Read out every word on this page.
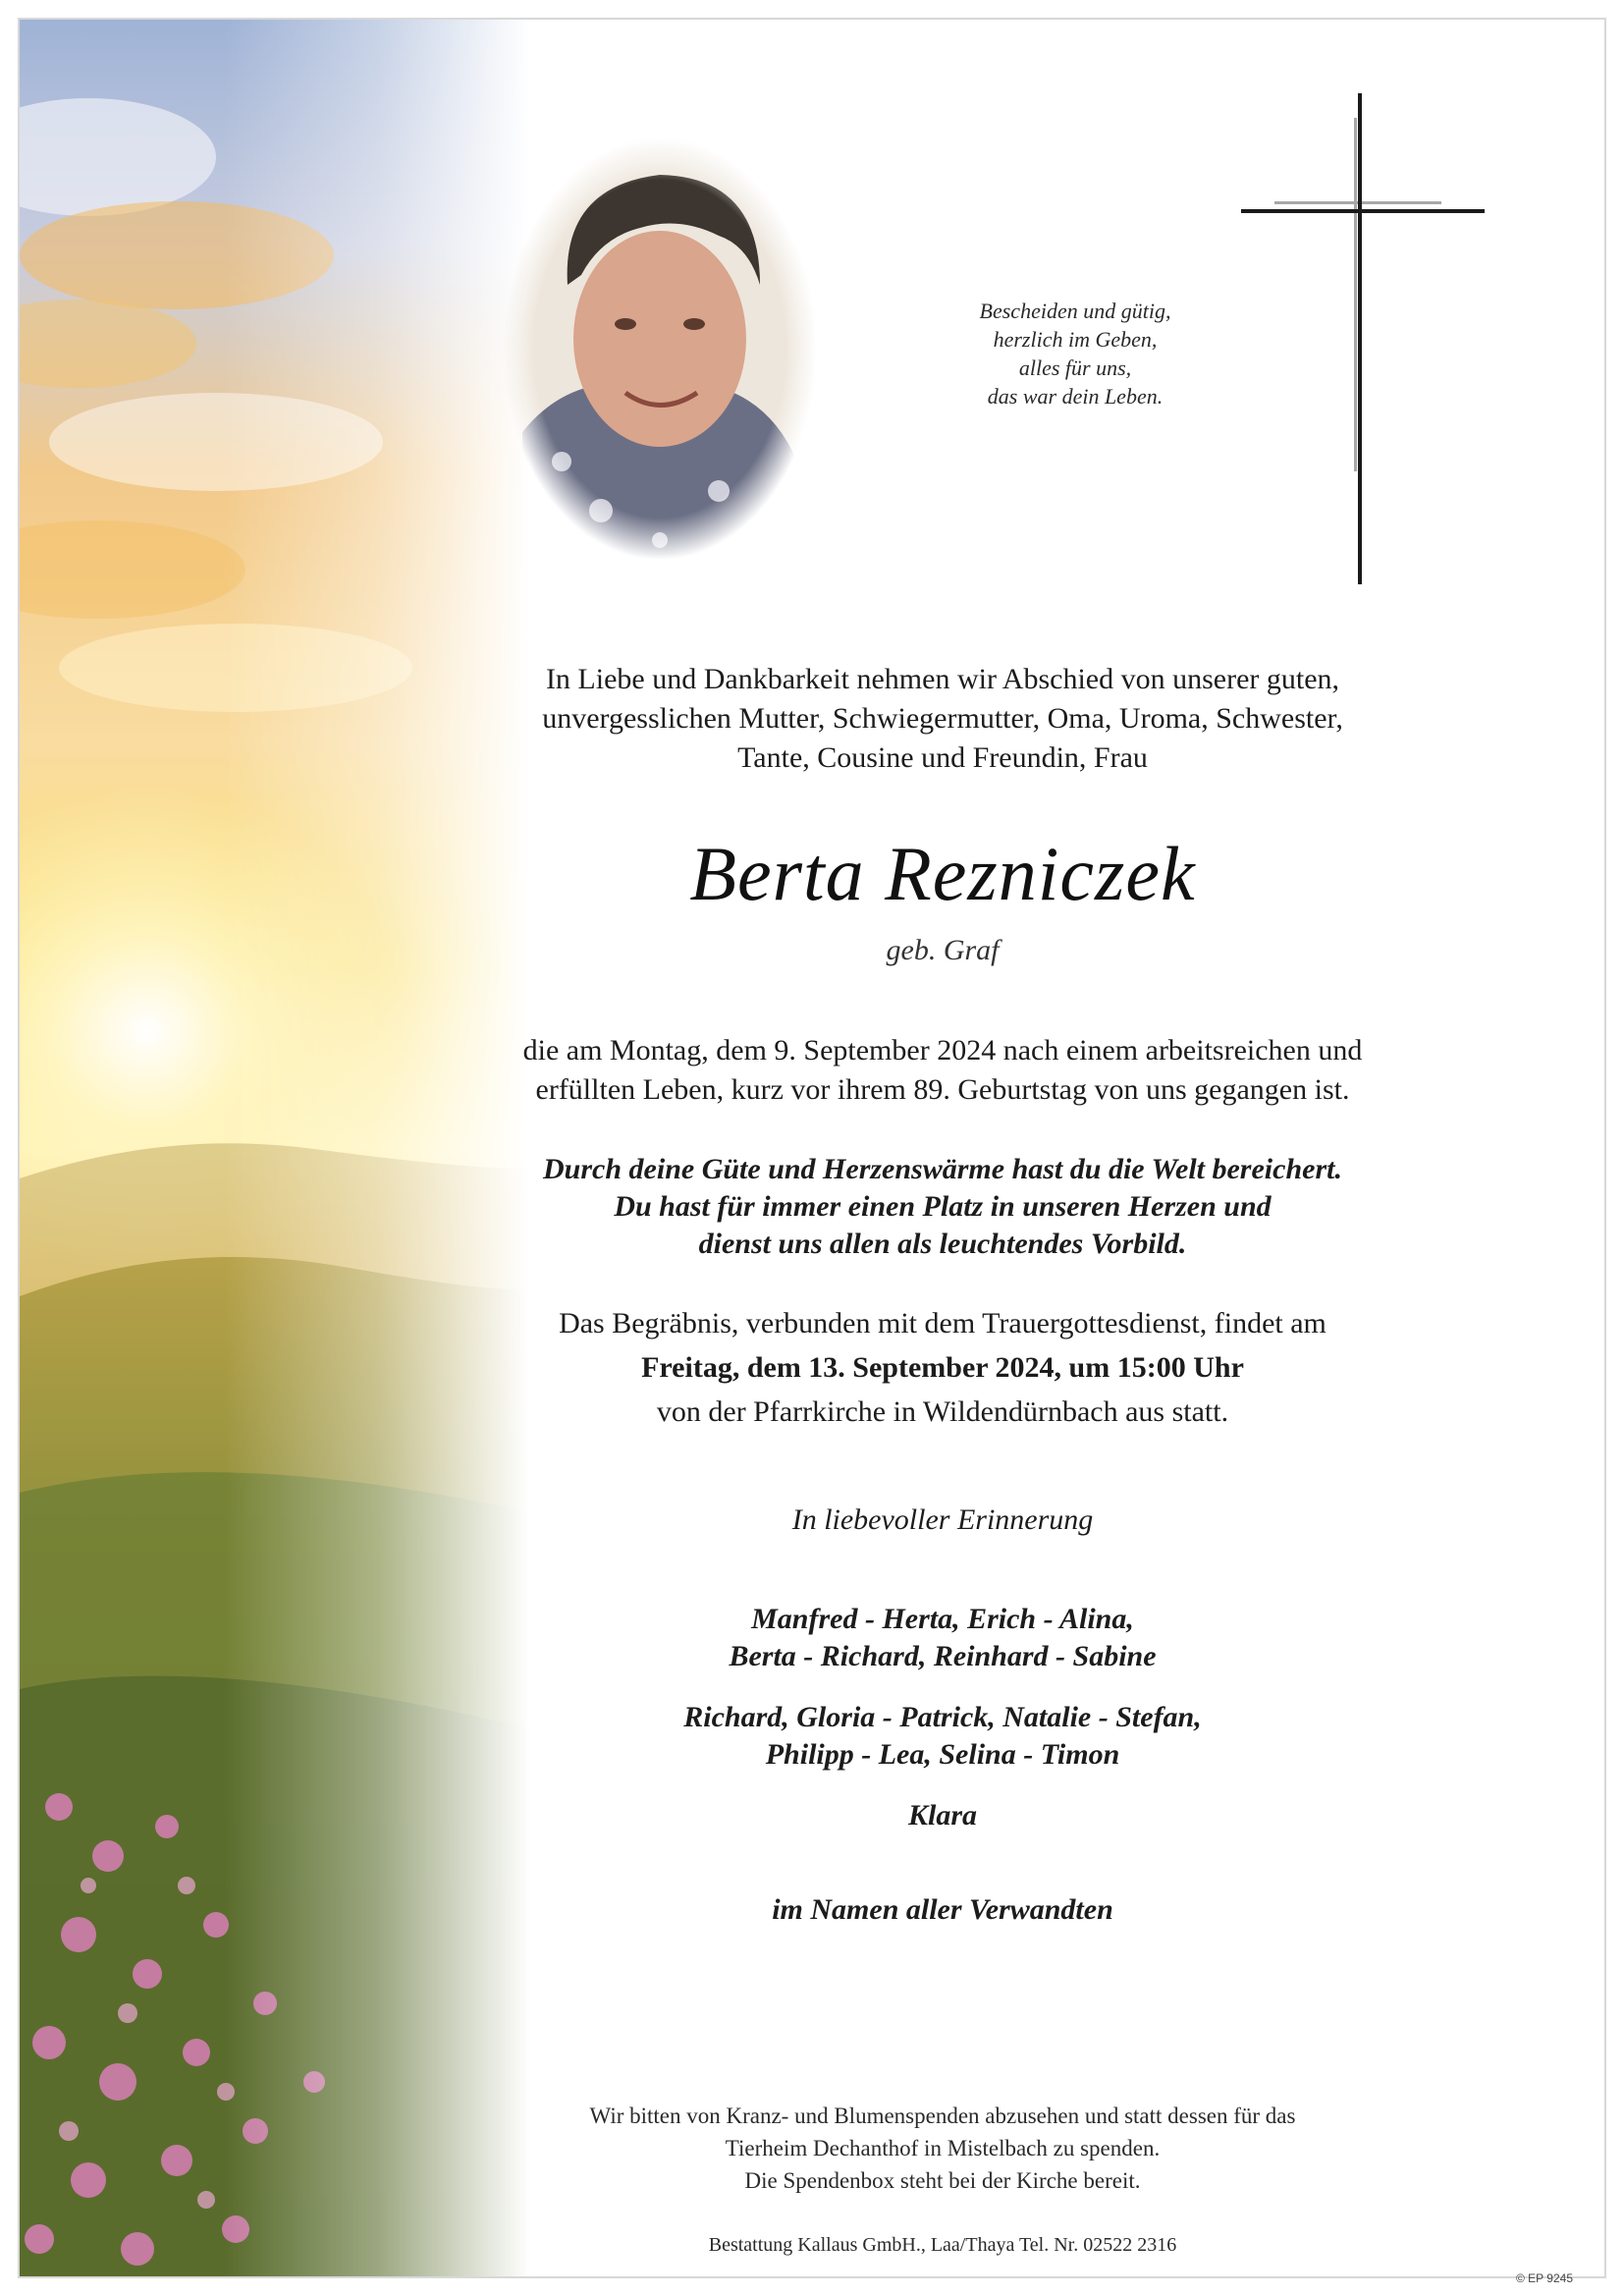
Bescheiden und gütig,
herzlich im Geben,
alles für uns,
das war dein Leben.
In Liebe und Dankbarkeit nehmen wir Abschied von unserer guten,
unvergesslichen Mutter, Schwiegermutter, Oma, Uroma, Schwester,
Tante, Cousine und Freundin, Frau
Berta Rezniczek
geb. Graf
die am Montag, dem 9. September 2024 nach einem arbeitsreichen und
erfüllten Leben, kurz vor ihrem 89. Geburtstag von uns gegangen ist.
Durch deine Güte und Herzenswärme hast du die Welt bereichert.
Du hast für immer einen Platz in unseren Herzen und
dienst uns allen als leuchtendes Vorbild.
Das Begräbnis, verbunden mit dem Trauergottesdienst, findet am
Freitag, dem 13. September 2024, um 15:00 Uhr
von der Pfarrkirche in Wildendürnbach aus statt.
In liebevoller Erinnerung
Manfred - Herta, Erich - Alina,
Berta - Richard, Reinhard - Sabine
Richard, Gloria - Patrick, Natalie - Stefan,
Philipp - Lea, Selina - Timon
Klara
im Namen aller Verwandten
Wir bitten von Kranz- und Blumenspenden abzusehen und statt dessen für das
Tierheim Dechanthof in Mistelbach zu spenden.
Die Spendenbox steht bei der Kirche bereit.
Bestattung Kallaus GmbH., Laa/Thaya Tel. Nr. 02522 2316
© EP 9245
